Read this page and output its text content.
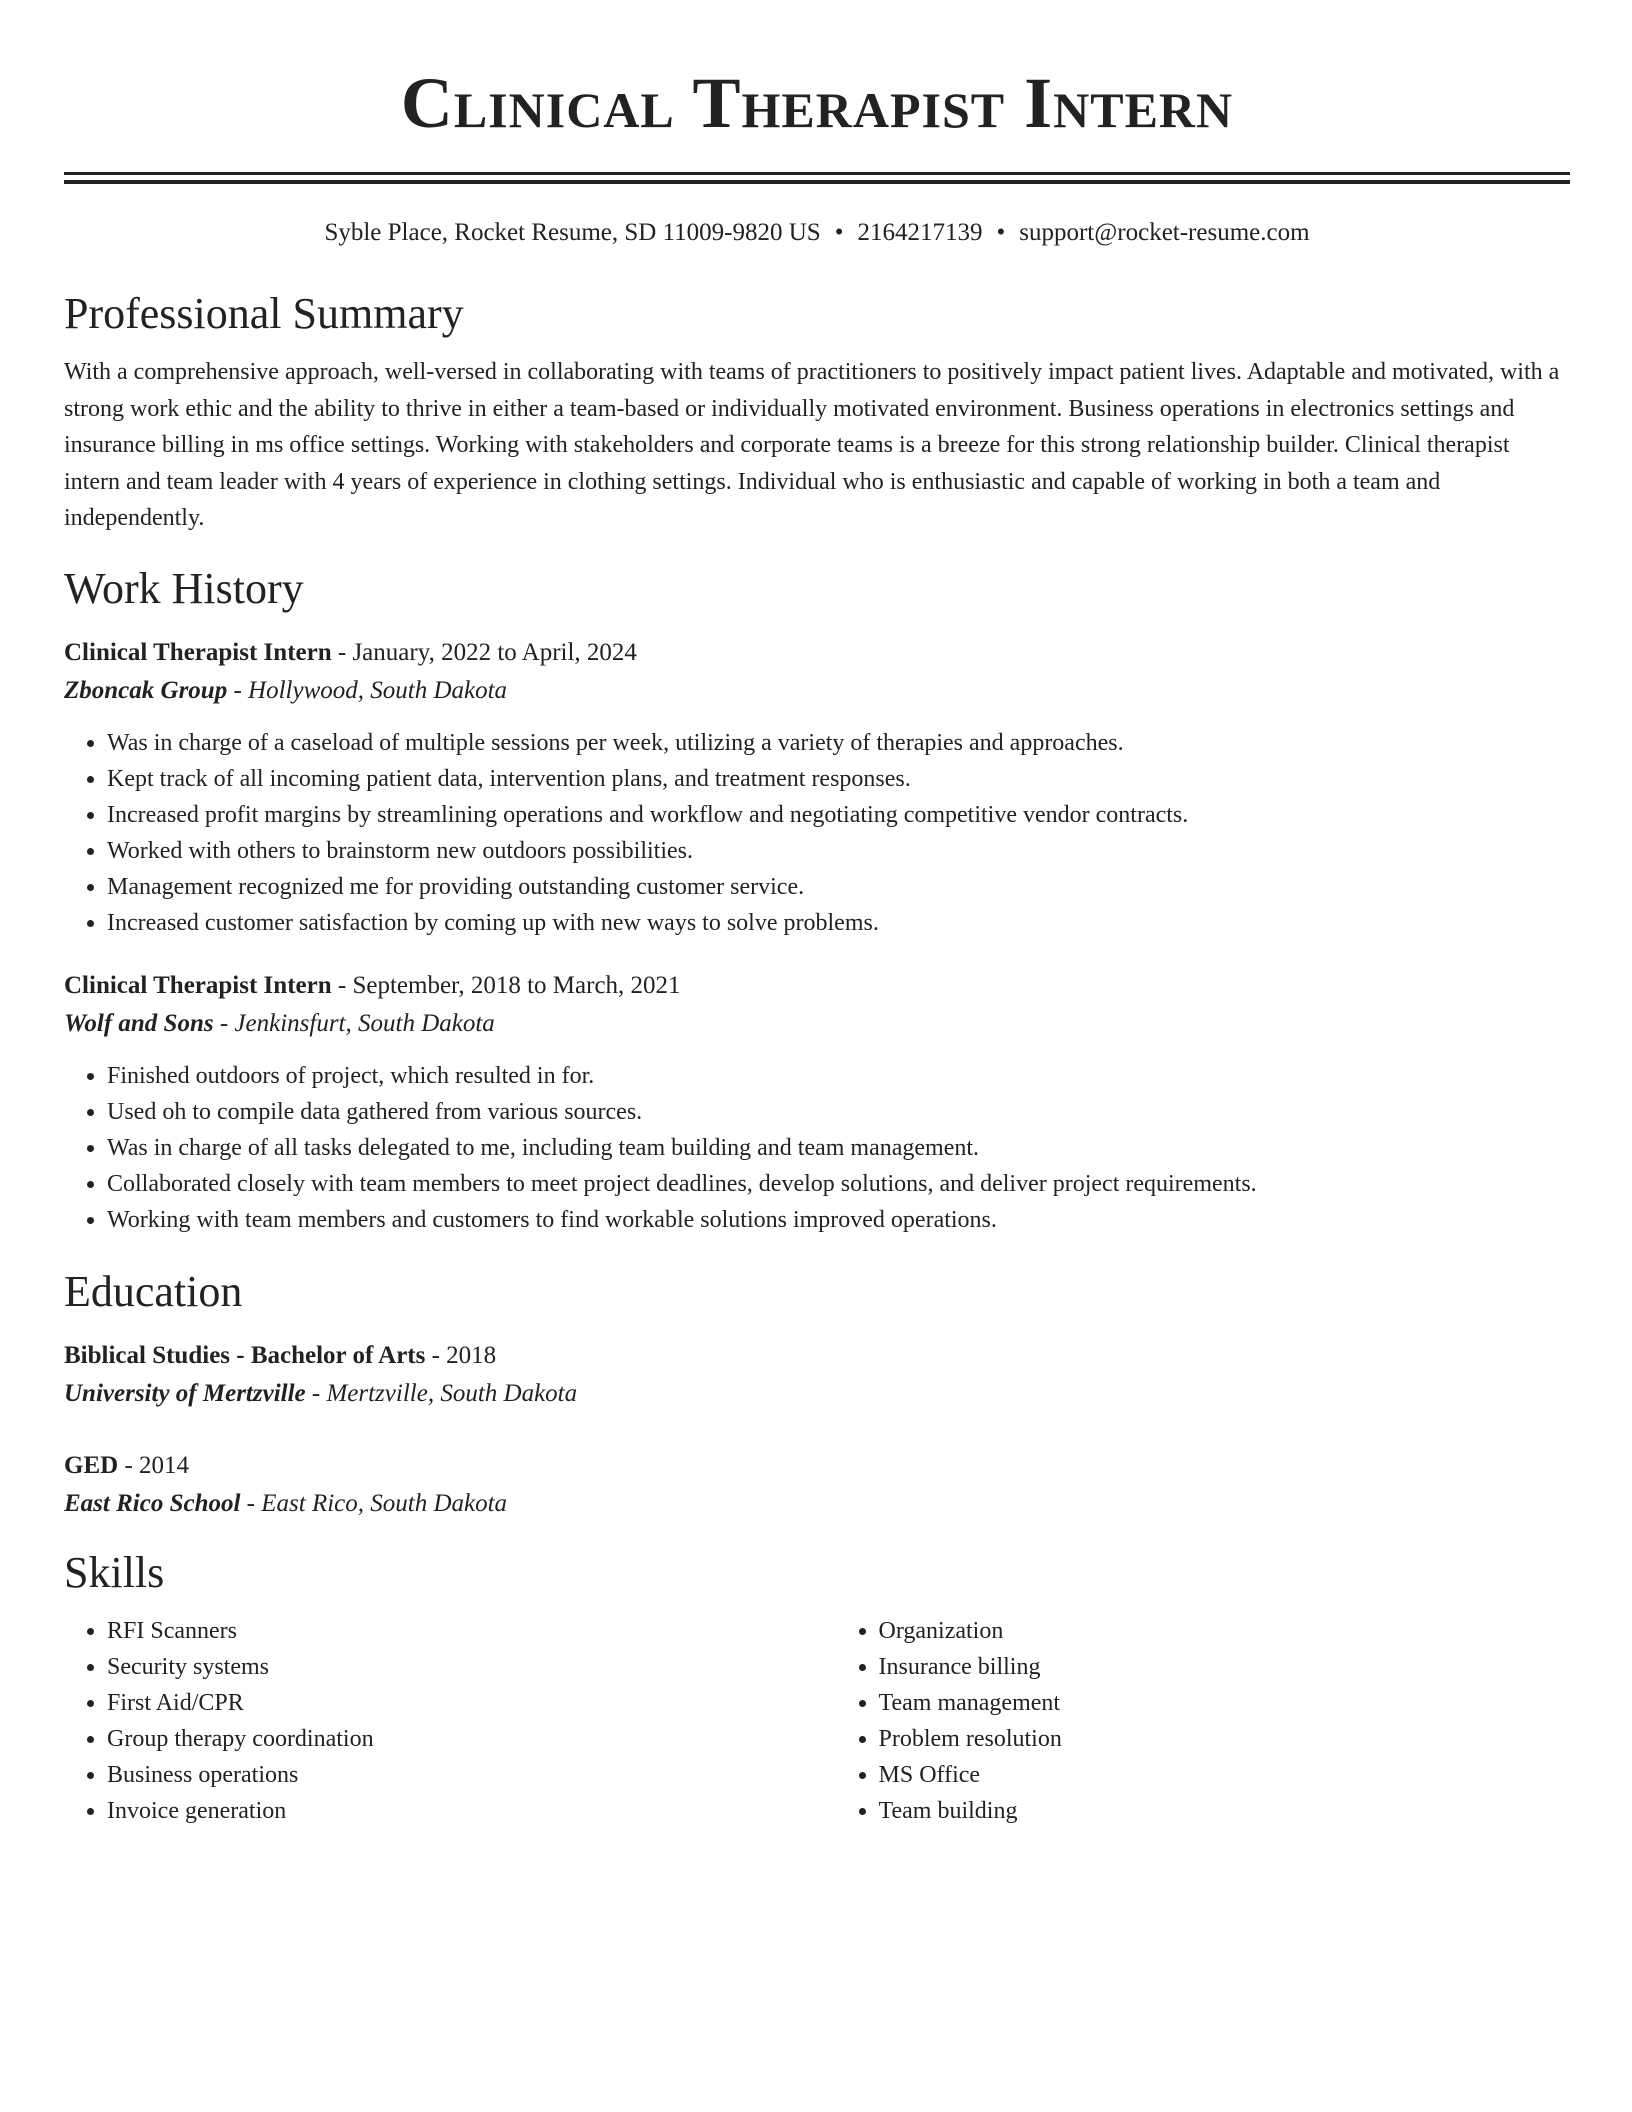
Clinical Therapist Intern
Syble Place, Rocket Resume, SD 11009-9820 US • 2164217139 • support@rocket-resume.com
Professional Summary

With a comprehensive approach, well-versed in collaborating with teams of practitioners to positively impact patient lives. Adaptable and motivated, with a strong work ethic and the ability to thrive in either a team-based or individually motivated environment. Business operations in electronics settings and insurance billing in ms office settings. Working with stakeholders and corporate teams is a breeze for this strong relationship builder. Clinical therapist intern and team leader with 4 years of experience in clothing settings. Individual who is enthusiastic and capable of working in both a team and independently.

Work History
Clinical Therapist Intern - January, 2022 to April, 2024
Zboncak Group - Hollywood, South Dakota
• Was in charge of a caseload of multiple sessions per week, utilizing a variety of therapies and approaches.
• Kept track of all incoming patient data, intervention plans, and treatment responses.
• Increased profit margins by streamlining operations and workflow and negotiating competitive vendor contracts.
• Worked with others to brainstorm new outdoors possibilities.
• Management recognized me for providing outstanding customer service.
• Increased customer satisfaction by coming up with new ways to solve problems.
Clinical Therapist Intern - September, 2018 to March, 2021
Wolf and Sons - Jenkinsfurt, South Dakota
• Finished outdoors of project, which resulted in for.
• Used oh to compile data gathered from various sources.
• Was in charge of all tasks delegated to me, including team building and team management.
• Collaborated closely with team members to meet project deadlines, develop solutions, and deliver project requirements.
• Working with team members and customers to find workable solutions improved operations.
Education
Biblical Studies - Bachelor of Arts - 2018
University of Mertzville - Mertzville, South Dakota
GED - 2014
East Rico School - East Rico, South Dakota
Skills
• RFI Scanners
• Security systems
• First Aid/CPR
• Group therapy coordination
• Business operations
• Invoice generation
• Organization
• Insurance billing
• Team management
• Problem resolution
• MS Office
• Team building
